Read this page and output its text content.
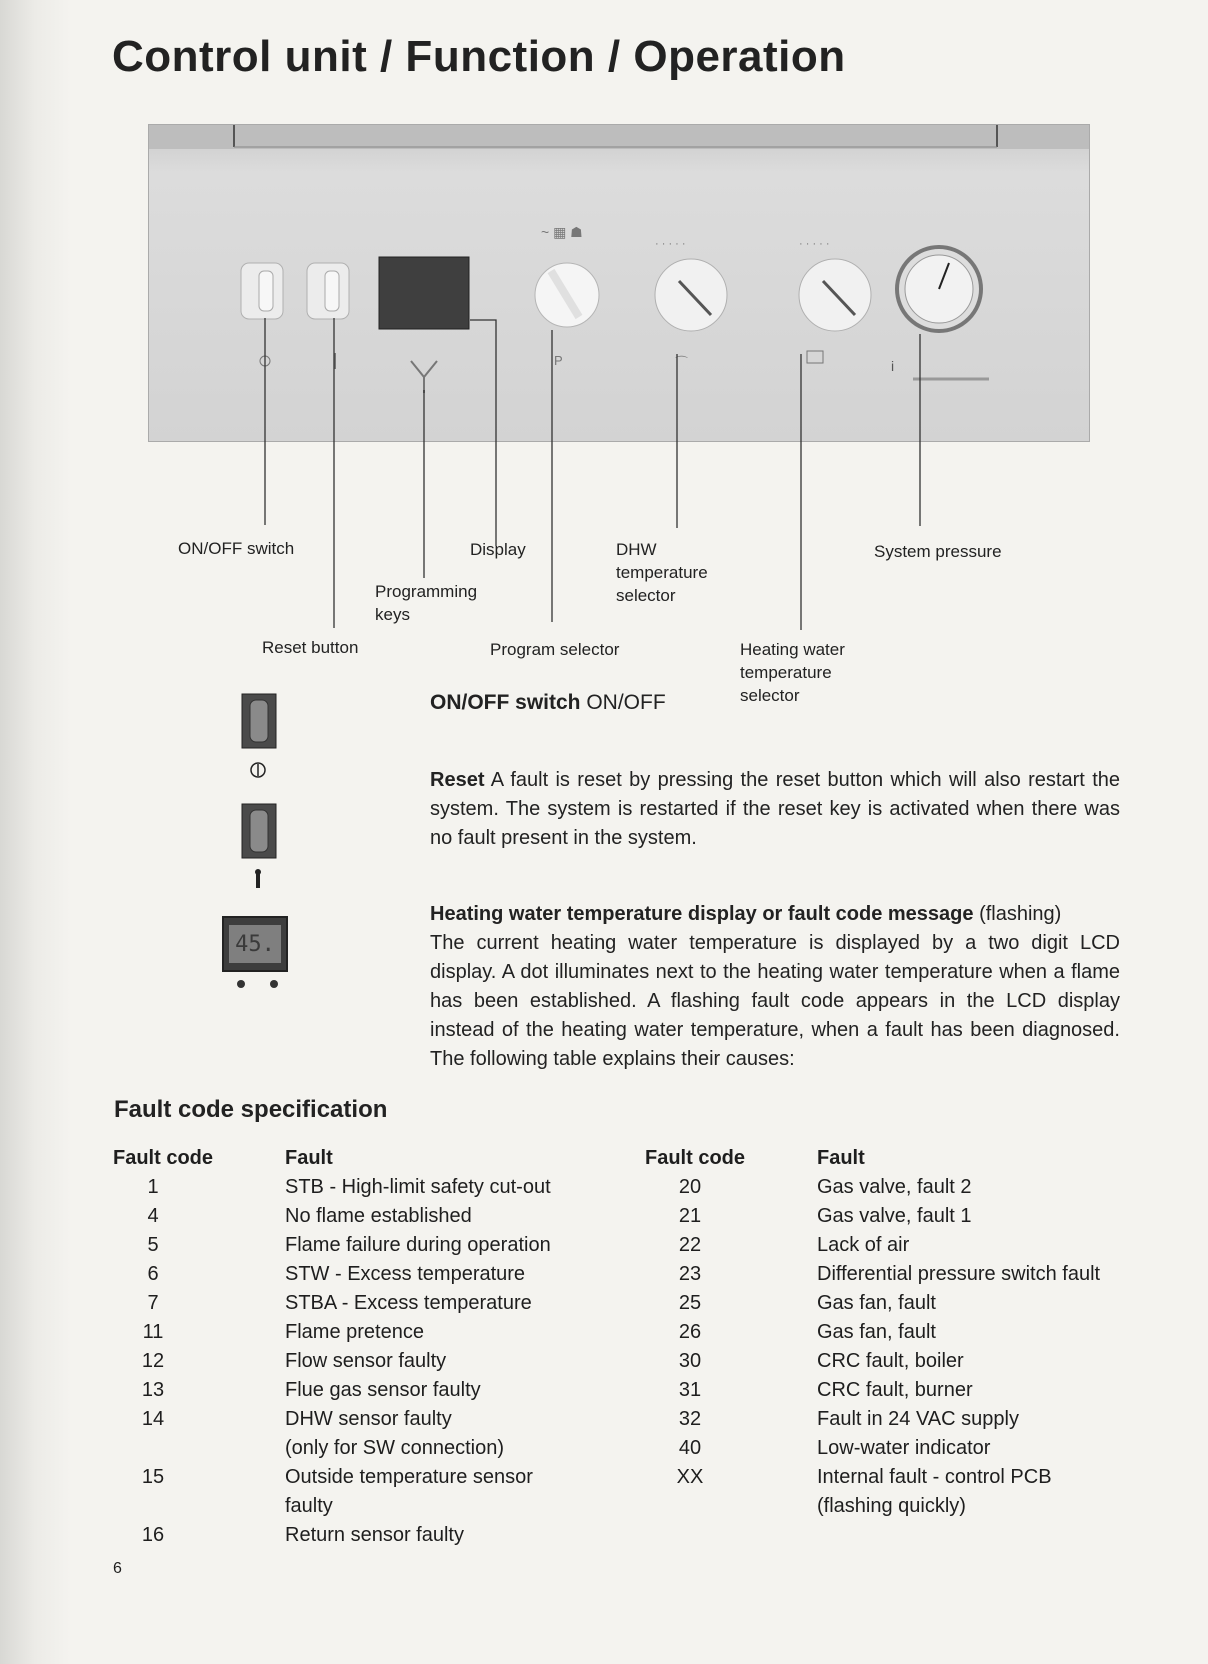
Control unit / Function / Operation
~ ▦ ☗
P
· · · · ·
⌒
· · · · ·
i
ON/OFF switch
Reset button
Programming
keys
Display
Program selector
DHW
temperature
selector
Heating water
temperature
selector
System pressure
45.
ON/OFF switch ON/OFF
Reset A fault is reset by pressing the reset button which will also restart the system. The system is restarted if the reset key is activated when there was no fault present in the system.
Heating water temperature display or fault code message (flashing)
The current heating water temperature is displayed by a two digit LCD display. A dot illuminates next to the heating water temperature when a flame has been established. A flashing fault code appears in the LCD display instead of the heating water temperature, when a fault has been diagnosed. The following table explains their causes:
Fault code specification
Fault code	Fault
1	STB - High-limit safety cut-out
4	No flame established
5	Flame failure during operation
6	STW - Excess temperature
7	STBA - Excess temperature
11	Flame pretence
12	Flow sensor faulty
13	Flue gas sensor faulty
14	DHW sensor faulty
(only for SW connection)
15	Outside temperature sensor
faulty
16	Return sensor faulty
Fault code	Fault
20	Gas valve, fault 2
21	Gas valve, fault 1
22	Lack of air
23	Differential pressure switch fault
25	Gas fan, fault
26	Gas fan, fault
30	CRC fault, boiler
31	CRC fault, burner
32	Fault in 24 VAC supply
40	Low-water indicator
XX	Internal fault - control PCB
(flashing quickly)
6
